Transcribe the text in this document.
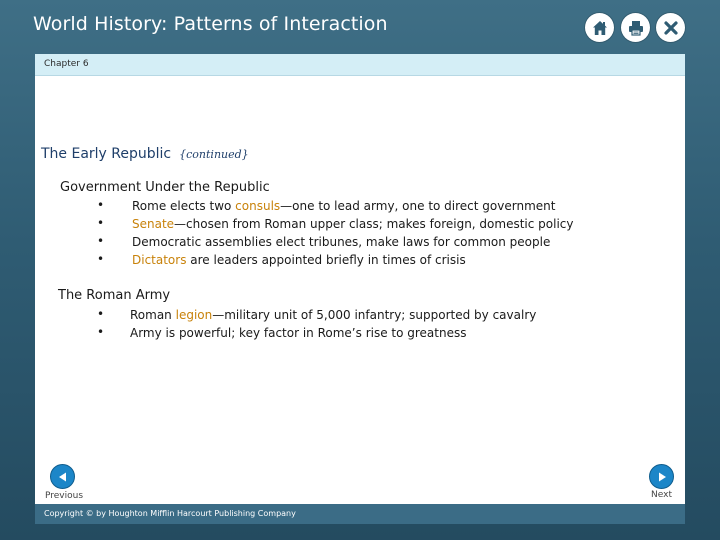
World History: Patterns of Interaction
Chapter 6
The Early Republic {continued}
Government Under the Republic
• Rome elects two consuls—one to lead army, one to direct government
• Senate—chosen from Roman upper class; makes foreign, domestic policy
• Democratic assemblies elect tribunes, make laws for common people
• Dictators are leaders appointed briefly in times of crisis
The Roman Army
• Roman legion—military unit of 5,000 infantry; supported by cavalry
• Army is powerful; key factor in Rome’s rise to greatness
Previous	Next
Copyright © by Houghton Mifflin Harcourt Publishing Company
